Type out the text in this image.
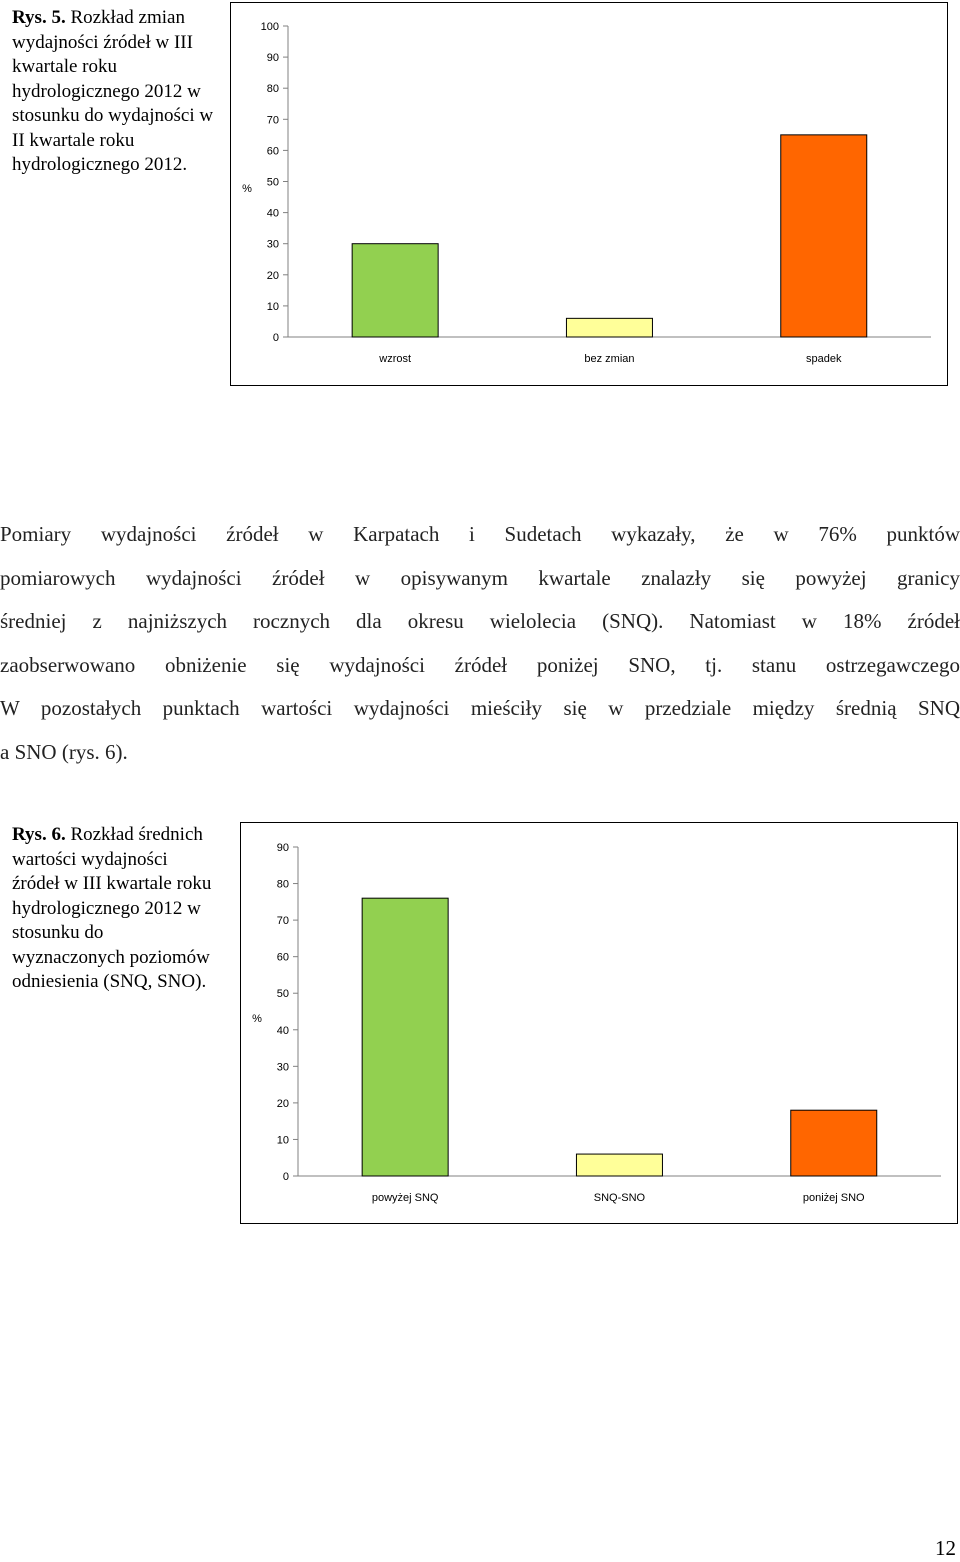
Rys. 5. Rozkład zmian wydajności źródeł w III kwartale roku hydrologicznego 2012 w stosunku do wydajności w II kwartale roku hydrologicznego 2012.
0
10
20
30
40
50
60
70
80
90
100
%
wzrost	bez zmian	spadek
Pomiary wydajności źródeł w Karpatach i Sudetach wykazały, że w 76% punktów
pomiarowych wydajności źródeł w opisywanym kwartale znalazły się powyżej granicy
średniej z najniższych rocznych dla okresu wielolecia (SNQ). Natomiast w 18% źródeł
zaobserwowano obniżenie się wydajności źródeł poniżej SNO, tj. stanu ostrzegawczego
W pozostałych punktach wartości wydajności mieściły się w przedziale między średnią SNQ
a SNO (rys. 6).
Rys. 6. Rozkład średnich wartości wydajności źródeł w III kwartale roku hydrologicznego 2012 w stosunku do wyznaczonych poziomów odniesienia (SNQ, SNO).
0
10
20
30
40
50
60
70
80
90
%
powyżej SNQ	SNQ-SNO	poniżej SNO
12
